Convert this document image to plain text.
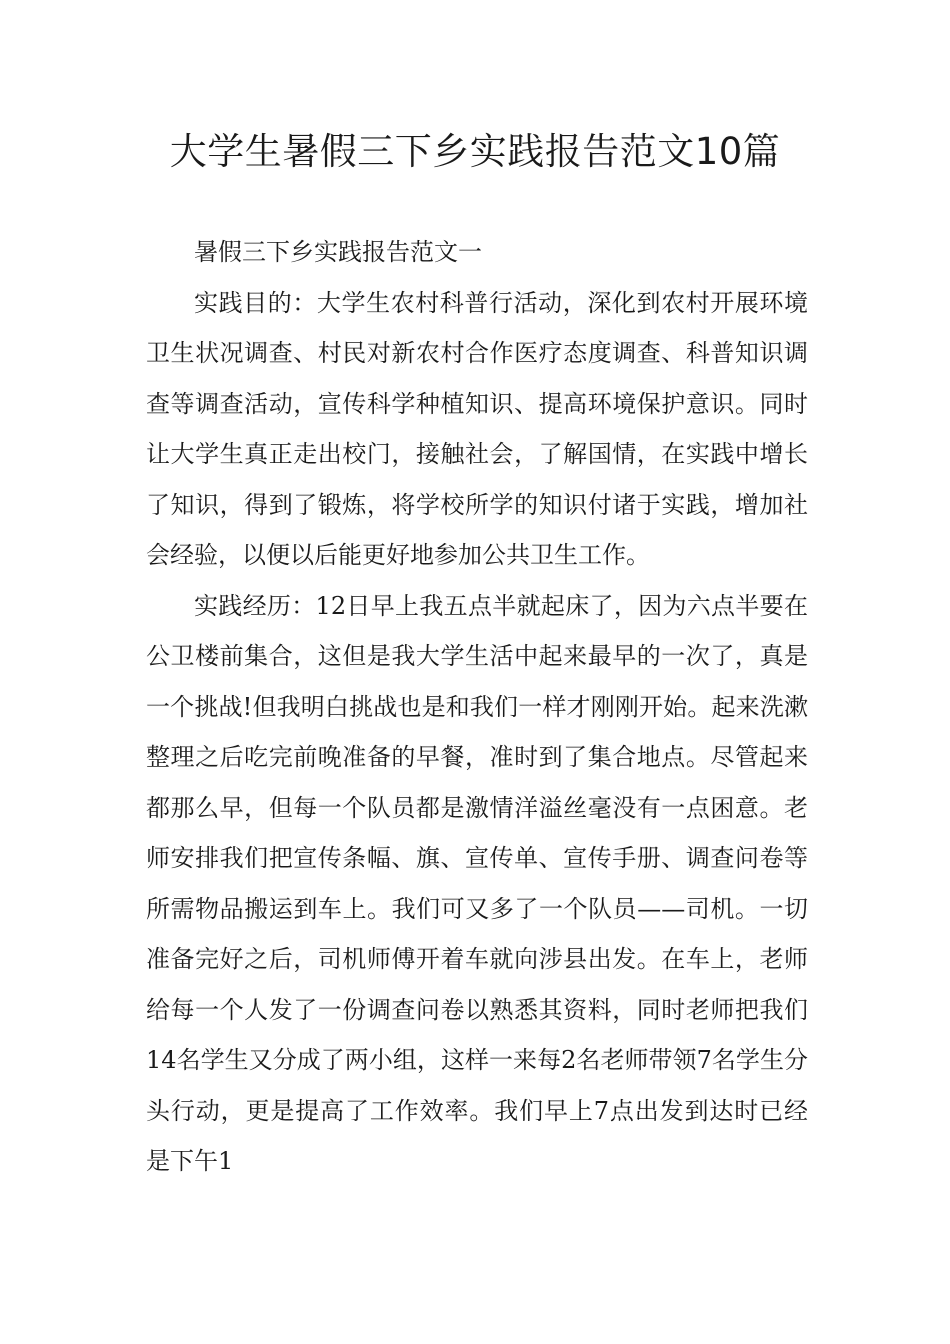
大学生暑假三下乡实践报告范文10篇

暑假三下乡实践报告范文一

实践目的：大学生农村科普行活动，深化到农村开展环境卫生状况调查、村民对新农村合作医疗态度调查、科普知识调查等调查活动，宣传科学种植知识、提高环境保护意识。同时让大学生真正走出校门，接触社会，了解国情，在实践中增长了知识，得到了锻炼，将学校所学的知识付诸于实践，增加社会经验，以便以后能更好地参加公共卫生工作。

实践经历：12日早上我五点半就起床了，因为六点半要在公卫楼前集合，这但是我大学生活中起来最早的一次了，真是一个挑战!但我明白挑战也是和我们一样才刚刚开始。起来洗漱整理之后吃完前晚准备的早餐，准时到了集合地点。尽管起来都那么早，但每一个队员都是激情洋溢丝毫没有一点困意。老师安排我们把宣传条幅、旗、宣传单、宣传手册、调查问卷等所需物品搬运到车上。我们可又多了一个队员——司机。一切准备完好之后，司机师傅开着车就向涉县出发。在车上，老师给每一个人发了一份调查问卷以熟悉其资料，同时老师把我们14名学生又分成了两小组，这样一来每2名老师带领7名学生分头行动，更是提高了工作效率。我们早上7点出发到达时已经是下午1
